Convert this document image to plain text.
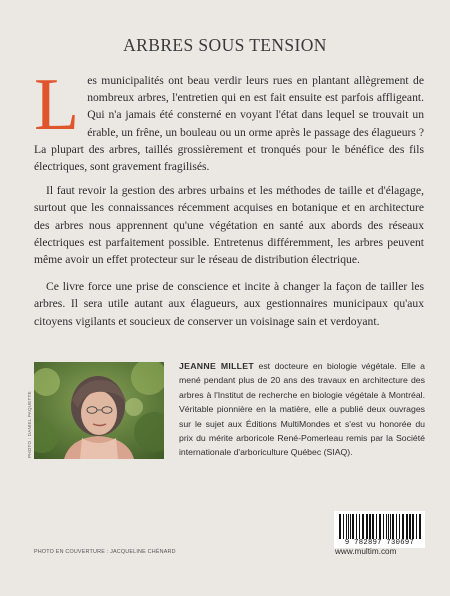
ARBRES SOUS TENSION

Les municipalités ont beau verdir leurs rues en plantant allègrement de nombreux arbres, l'entretien qui en est fait ensuite est parfois affligeant. Qui n'a jamais été consterné en voyant l'état dans lequel se trouvait un érable, un frêne, un bouleau ou un orme après le passage des élagueurs ? La plupart des arbres, taillés grossièrement et tronqués pour le bénéfice des fils électriques, sont gravement fragilisés.

Il faut revoir la gestion des arbres urbains et les méthodes de taille et d'élagage, surtout que les connaissances récemment acquises en botanique et en architecture des arbres nous apprennent qu'une végétation en santé aux abords des réseaux électriques est parfaitement possible. Entretenus différemment, les arbres peuvent même avoir un effet protecteur sur le réseau de distribution électrique.

Ce livre force une prise de conscience et incite à changer la façon de tailler les arbres. Il sera utile autant aux élagueurs, aux gestionnaires municipaux qu'aux citoyens vigilants et soucieux de conserver un voisinage sain et verdoyant.

PHOTO : DANIEL PAQUETTE
JEANNE MILLET est docteure en biologie végétale. Elle a mené pendant plus de 20 ans des travaux en architecture des arbres à l'Institut de recherche en biologie végétale à Montréal. Véritable pionnière en la matière, elle a publié deux ouvrages sur le sujet aux Éditions MultiMondes et s'est vu honorée du prix du mérite arboricole René-Pomerleau remis par la Société internationale d'arboriculture Québec (SIAQ).
9 782897 730697
PHOTO EN COUVERTURE : JACQUELINE CHÉNARD	www.multim.com
